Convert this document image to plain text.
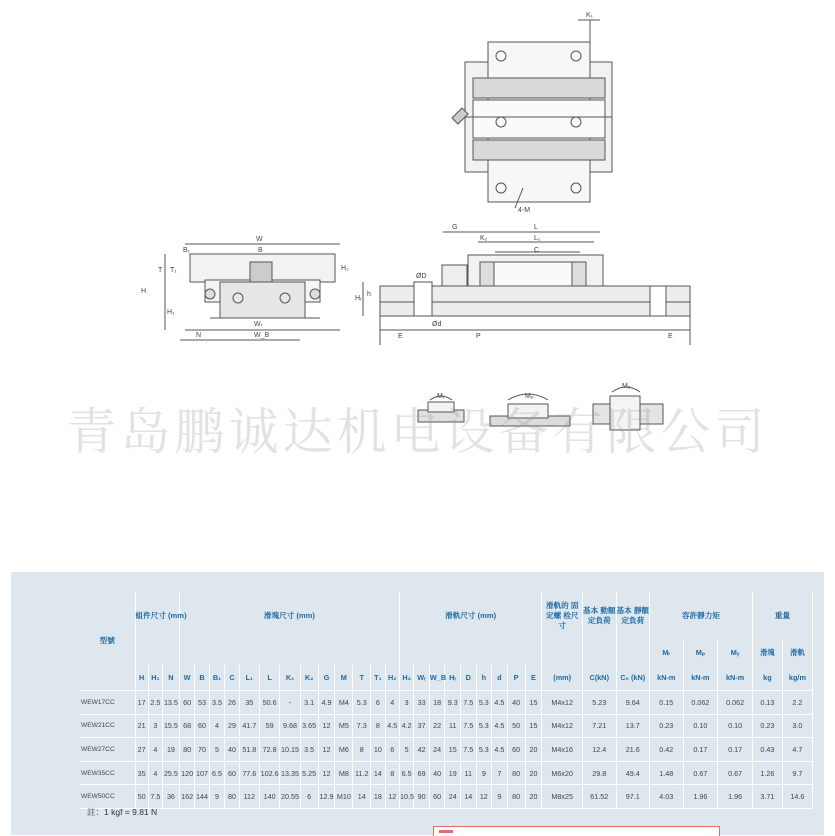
K₁
4-M
W
B
B₁
T T₁
H
H₂
H₁
Wᵣ
W_B
N
G	L
K₂	L₁
C
ØD
h
Hᵣ
Ød
E	P	E
Mᵣ	Mₚ
Mᵧ
青岛鹏诚达机电设备有限公司
型號	組件尺寸 (mm)			滑塊尺寸 (mm)													滑軌尺寸 (mm)									滑軌的 固定螺 栓尺寸	基本 動額 定負荷	基本 靜額 定負荷	容許靜力矩			重量	
																													Mᵣ	Mₚ	Mᵧ	滑塊	滑軌
	H	H₁	N	W	B	B₁	C	L₁	L	K₁	K₂	G	M	T	T₁	H₂	H₃	Wᵣ	W_B	Hᵣ	D	h	d	P	E	(mm)	C(kN)	C₀ (kN)	kN-m	kN-m	kN-m	kg	kg/m
WEW17CC	17	2.5	13.5	60	53	3.5	26	35	50.6	-	3.1	4.9	M4	5.3	6	4	3	33	18	9.3	7.5	5.3	4.5	40	15	M4x12	5.23	9.64	0.15	0.062	0.062	0.13	2.2
WEW21CC	21	3	15.5	68	60	4	29	41.7	59	9.68	3.65	12	M5	7.3	8	4.5	4.2	37	22	11	7.5	5.3	4.5	50	15	M4x12	7.21	13.7	0.23	0.10	0.10	0.23	3.0
WEW27CC	27	4	19	80	70	5	40	51.8	72.8	10.15	3.5	12	M6	8	10	6	5	42	24	15	7.5	5.3	4.5	60	20	M4x16	12.4	21.6	0.42	0.17	0.17	0.43	4.7
WEW35CC	35	4	25.5	120	107	6.5	60	77.6	102.6	13.35	5.25	12	M8	11.2	14	8	6.5	69	40	19	11	9	7	80	20	M6x20	29.8	49.4	1.48	0.67	0.67	1.26	9.7
WEW50CC	50	7.5	36	162	144	9	80	112	140	20.55	6	12.9	M10	14	18	12	10.5	90	60	24	14	12	9	80	20	M8x25	61.52	97.1	4.03	1.96	1.96	3.71	14.6
註：1 kgf = 9.81 N
